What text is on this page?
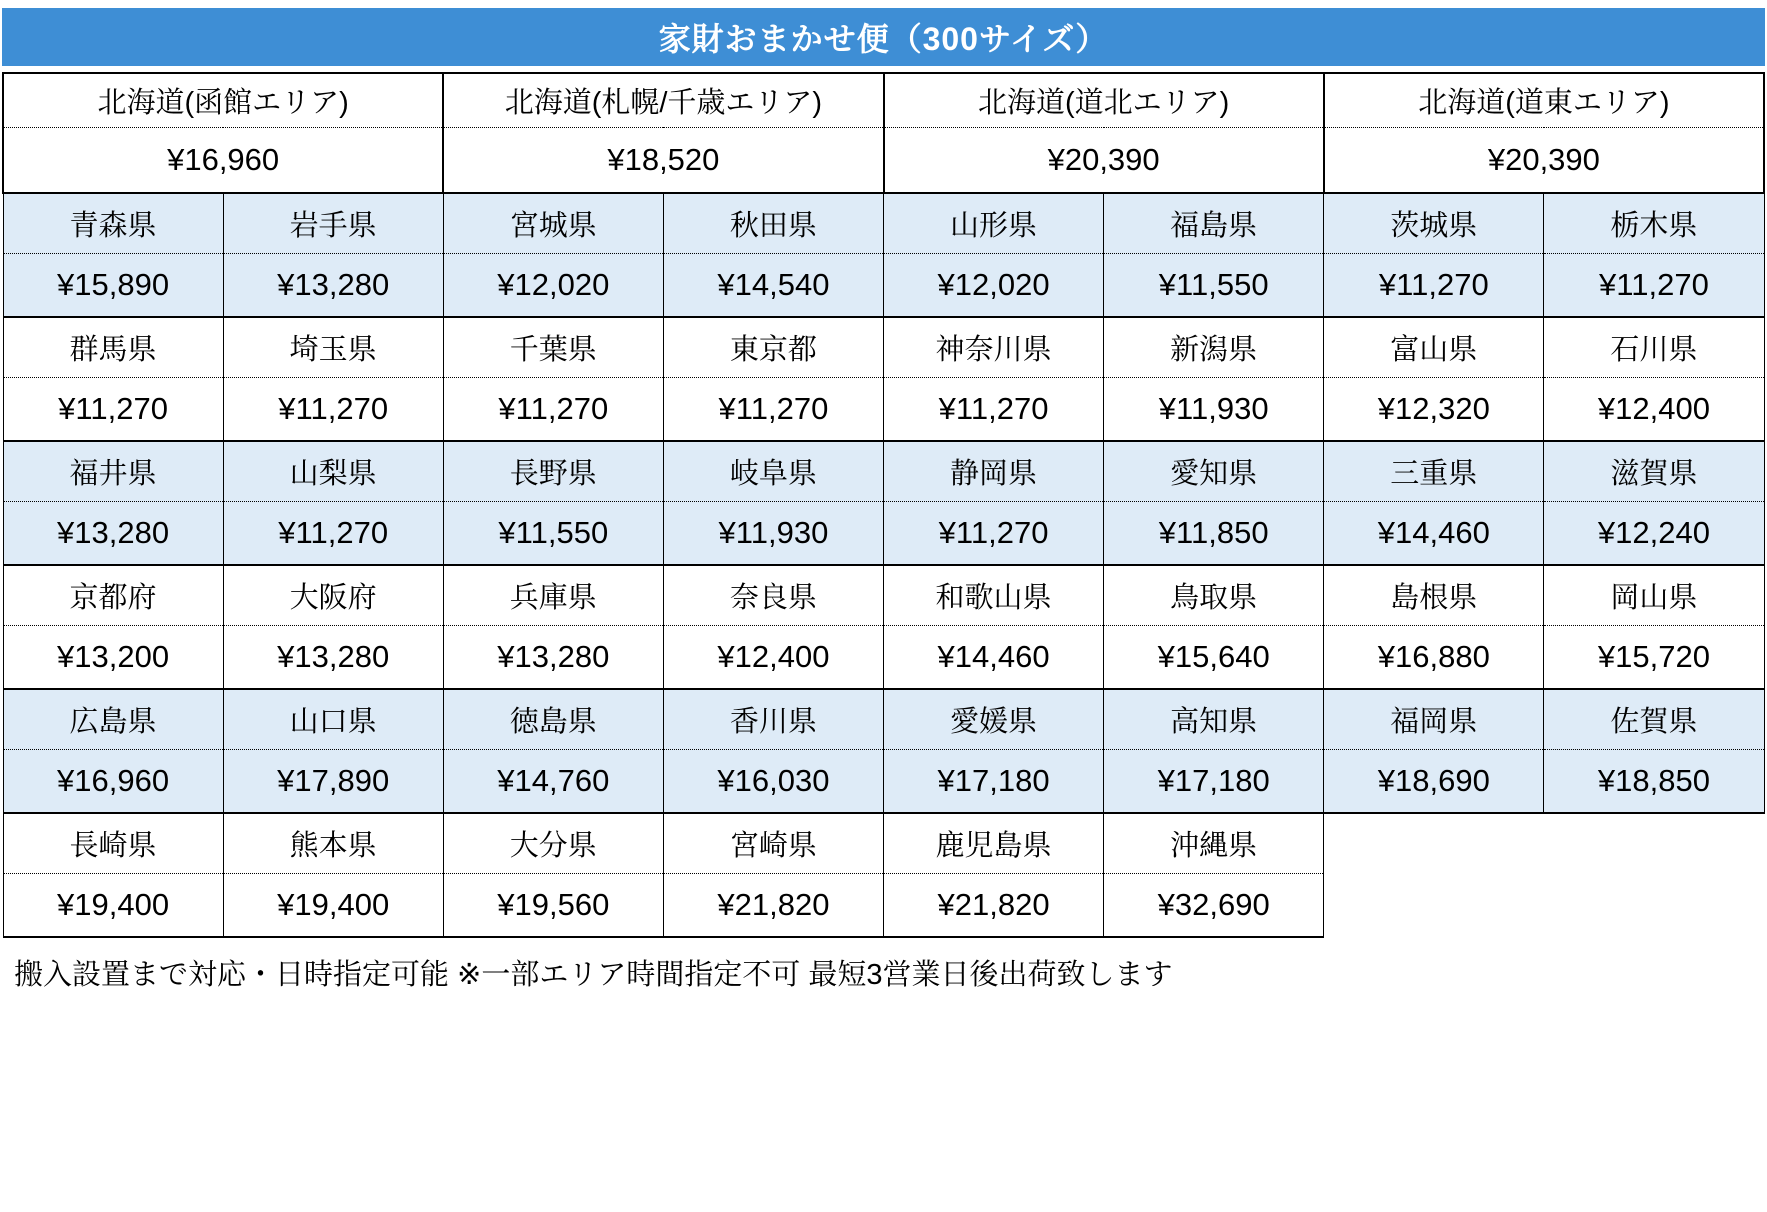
家財おまかせ便（300サイズ）
北海道(函館エリア)		北海道(札幌/千歳エリア)		北海道(道北エリア)		北海道(道東エリア)	
¥16,960		¥18,520		¥20,390		¥20,390	
青森県	岩手県	宮城県	秋田県	山形県	福島県	茨城県	栃木県
¥15,890	¥13,280	¥12,020	¥14,540	¥12,020	¥11,550	¥11,270	¥11,270
群馬県	埼玉県	千葉県	東京都	神奈川県	新潟県	富山県	石川県
¥11,270	¥11,270	¥11,270	¥11,270	¥11,270	¥11,930	¥12,320	¥12,400
福井県	山梨県	長野県	岐阜県	静岡県	愛知県	三重県	滋賀県
¥13,280	¥11,270	¥11,550	¥11,930	¥11,270	¥11,850	¥14,460	¥12,240
京都府	大阪府	兵庫県	奈良県	和歌山県	鳥取県	島根県	岡山県
¥13,200	¥13,280	¥13,280	¥12,400	¥14,460	¥15,640	¥16,880	¥15,720
広島県	山口県	徳島県	香川県	愛媛県	高知県	福岡県	佐賀県
¥16,960	¥17,890	¥14,760	¥16,030	¥17,180	¥17,180	¥18,690	¥18,850
長崎県	熊本県	大分県	宮崎県	鹿児島県	沖縄県		
¥19,400	¥19,400	¥19,560	¥21,820	¥21,820	¥32,690		
搬入設置まで対応・日時指定可能 ※一部エリア時間指定不可 最短3営業日後出荷致します
